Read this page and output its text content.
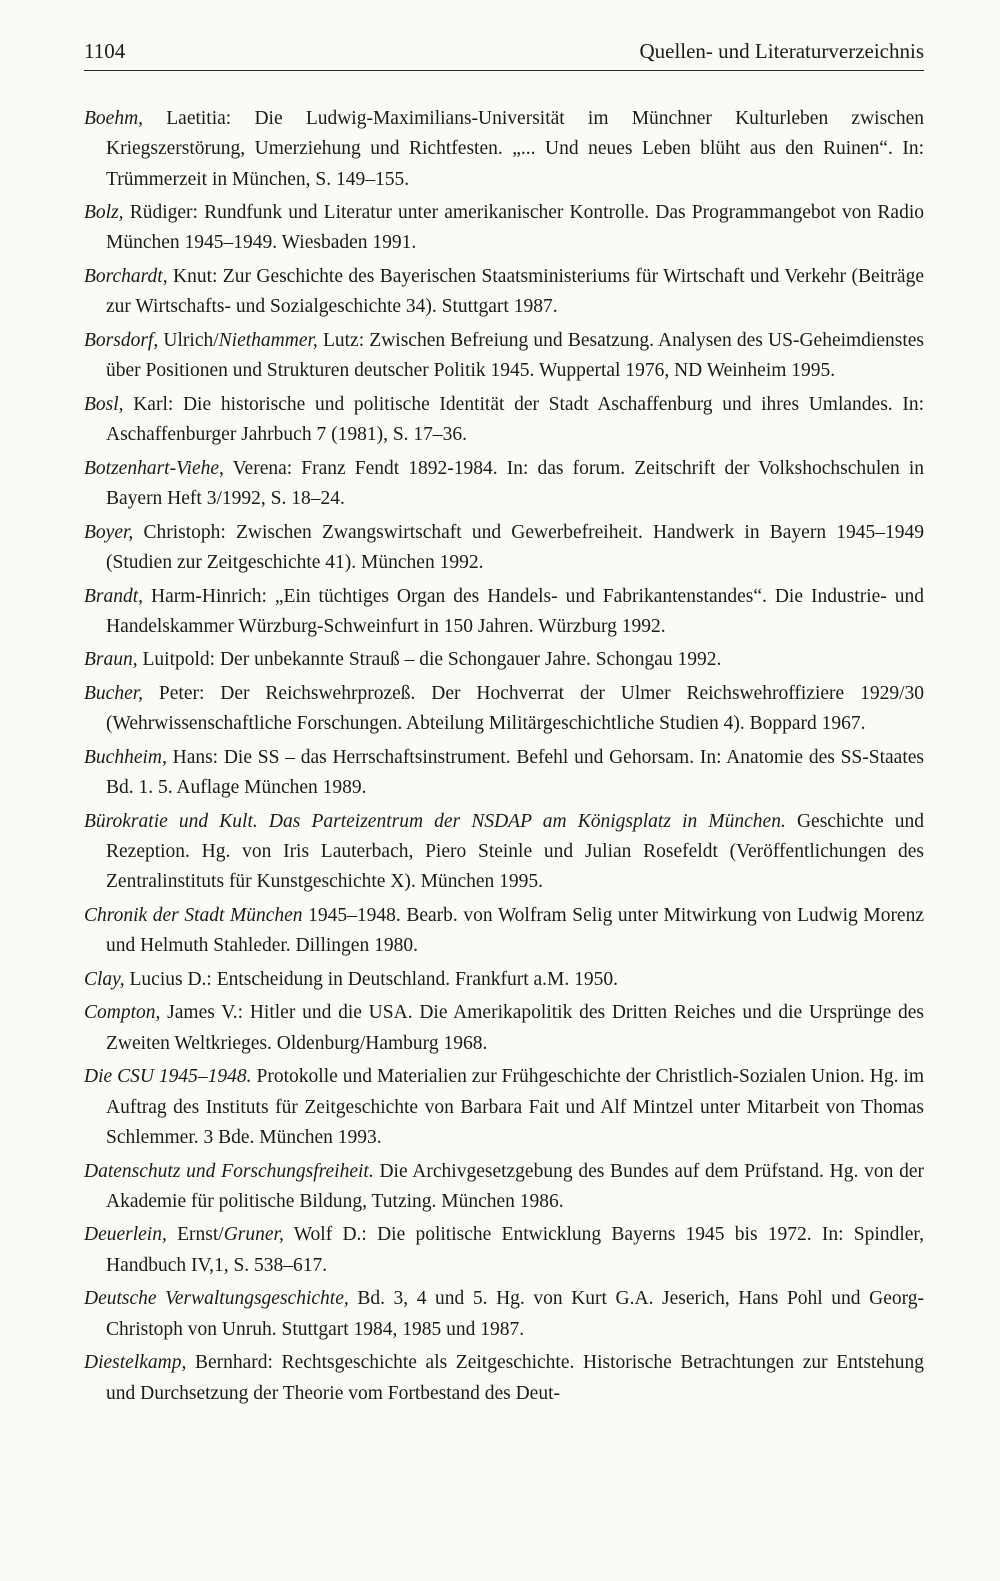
1104	Quellen- und Literaturverzeichnis

Boehm, Laetitia: Die Ludwig-Maximilians-Universität im Münchner Kulturleben zwischen Kriegszerstörung, Umerziehung und Richtfesten. „... Und neues Leben blüht aus den Ruinen“. In: Trümmerzeit in München, S. 149–155.

Bolz, Rüdiger: Rundfunk und Literatur unter amerikanischer Kontrolle. Das Programmangebot von Radio München 1945–1949. Wiesbaden 1991.

Borchardt, Knut: Zur Geschichte des Bayerischen Staatsministeriums für Wirtschaft und Verkehr (Beiträge zur Wirtschafts- und Sozialgeschichte 34). Stuttgart 1987.

Borsdorf, Ulrich/Niethammer, Lutz: Zwischen Befreiung und Besatzung. Analysen des US-Geheimdienstes über Positionen und Strukturen deutscher Politik 1945. Wuppertal 1976, ND Weinheim 1995.

Bosl, Karl: Die historische und politische Identität der Stadt Aschaffenburg und ihres Umlandes. In: Aschaffenburger Jahrbuch 7 (1981), S. 17–36.

Botzenhart-Viehe, Verena: Franz Fendt 1892-1984. In: das forum. Zeitschrift der Volkshochschulen in Bayern Heft 3/1992, S. 18–24.

Boyer, Christoph: Zwischen Zwangswirtschaft und Gewerbefreiheit. Handwerk in Bayern 1945–1949 (Studien zur Zeitgeschichte 41). München 1992.

Brandt, Harm-Hinrich: „Ein tüchtiges Organ des Handels- und Fabrikantenstandes“. Die Industrie- und Handelskammer Würzburg-Schweinfurt in 150 Jahren. Würzburg 1992.

Braun, Luitpold: Der unbekannte Strauß – die Schongauer Jahre. Schongau 1992.

Bucher, Peter: Der Reichswehrprozeß. Der Hochverrat der Ulmer Reichswehroffiziere 1929/30 (Wehrwissenschaftliche Forschungen. Abteilung Militärgeschichtliche Studien 4). Boppard 1967.

Buchheim, Hans: Die SS – das Herrschaftsinstrument. Befehl und Gehorsam. In: Anatomie des SS-Staates Bd. 1. 5. Auflage München 1989.

Bürokratie und Kult. Das Parteizentrum der NSDAP am Königsplatz in München. Geschichte und Rezeption. Hg. von Iris Lauterbach, Piero Steinle und Julian Rosefeldt (Veröffentlichungen des Zentralinstituts für Kunstgeschichte X). München 1995.

Chronik der Stadt München 1945–1948. Bearb. von Wolfram Selig unter Mitwirkung von Ludwig Morenz und Helmuth Stahleder. Dillingen 1980.

Clay, Lucius D.: Entscheidung in Deutschland. Frankfurt a.M. 1950.

Compton, James V.: Hitler und die USA. Die Amerikapolitik des Dritten Reiches und die Ursprünge des Zweiten Weltkrieges. Oldenburg/Hamburg 1968.

Die CSU 1945–1948. Protokolle und Materialien zur Frühgeschichte der Christlich-Sozialen Union. Hg. im Auftrag des Instituts für Zeitgeschichte von Barbara Fait und Alf Mintzel unter Mitarbeit von Thomas Schlemmer. 3 Bde. München 1993.

Datenschutz und Forschungsfreiheit. Die Archivgesetzgebung des Bundes auf dem Prüfstand. Hg. von der Akademie für politische Bildung, Tutzing. München 1986.

Deuerlein, Ernst/Gruner, Wolf D.: Die politische Entwicklung Bayerns 1945 bis 1972. In: Spindler, Handbuch IV,1, S. 538–617.

Deutsche Verwaltungsgeschichte, Bd. 3, 4 und 5. Hg. von Kurt G.A. Jeserich, Hans Pohl und Georg-Christoph von Unruh. Stuttgart 1984, 1985 und 1987.

Diestelkamp, Bernhard: Rechtsgeschichte als Zeitgeschichte. Historische Betrachtungen zur Entstehung und Durchsetzung der Theorie vom Fortbestand des Deut-
